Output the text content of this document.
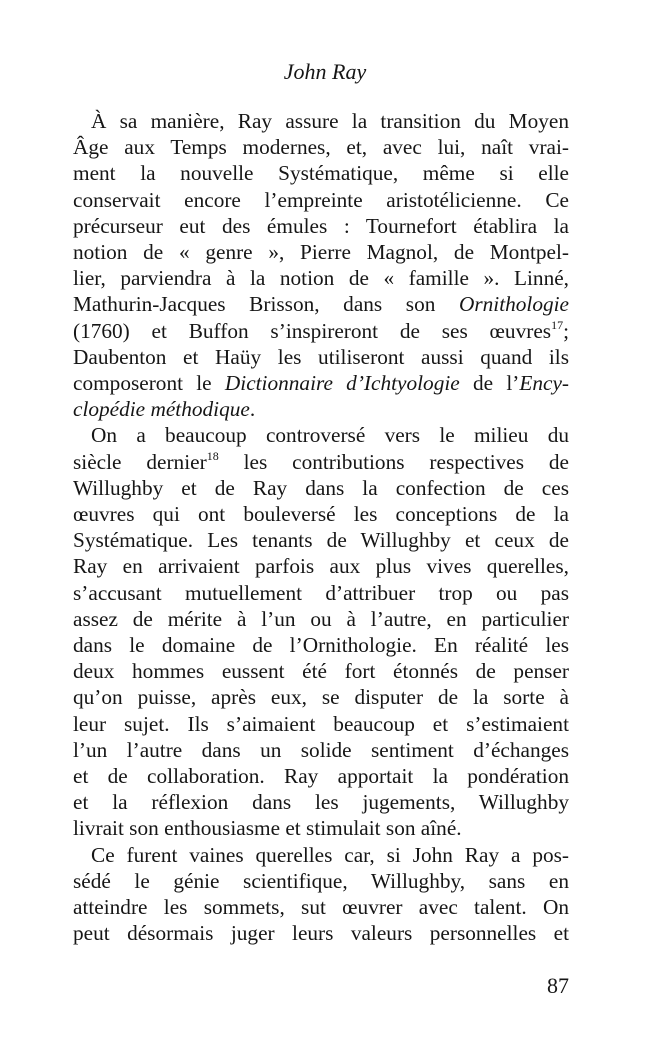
John Ray

À sa manière, Ray assure la transition du Moyen
Âge aux Temps modernes, et, avec lui, naît vrai-
ment la nouvelle Systématique, même si elle
conservait encore l’empreinte aristotélicienne. Ce
précurseur eut des émules : Tournefort établira la
notion de « genre », Pierre Magnol, de Montpel-
lier, parviendra à la notion de « famille ». Linné,
Mathurin-Jacques Brisson, dans son Ornithologie
(1760) et Buffon s’inspireront de ses œuvres$^{17}$;
Daubenton et Haüy les utiliseront aussi quand ils
composeront le Dictionnaire d’Ichtyologie de l’Ency-
clopédie méthodique.

On a beaucoup controversé vers le milieu du
siècle dernier$^{18}$ les contributions respectives de
Willughby et de Ray dans la confection de ces
œuvres qui ont bouleversé les conceptions de la
Systématique. Les tenants de Willughby et ceux de
Ray en arrivaient parfois aux plus vives querelles,
s’accusant mutuellement d’attribuer trop ou pas
assez de mérite à l’un ou à l’autre, en particulier
dans le domaine de l’Ornithologie. En réalité les
deux hommes eussent été fort étonnés de penser
qu’on puisse, après eux, se disputer de la sorte à
leur sujet. Ils s’aimaient beaucoup et s’estimaient
l’un l’autre dans un solide sentiment d’échanges
et de collaboration. Ray apportait la pondération
et la réflexion dans les jugements, Willughby
livrait son enthousiasme et stimulait son aîné.

Ce furent vaines querelles car, si John Ray a pos-
sédé le génie scientifique, Willughby, sans en
atteindre les sommets, sut œuvrer avec talent. On
peut désormais juger leurs valeurs personnelles et

87
